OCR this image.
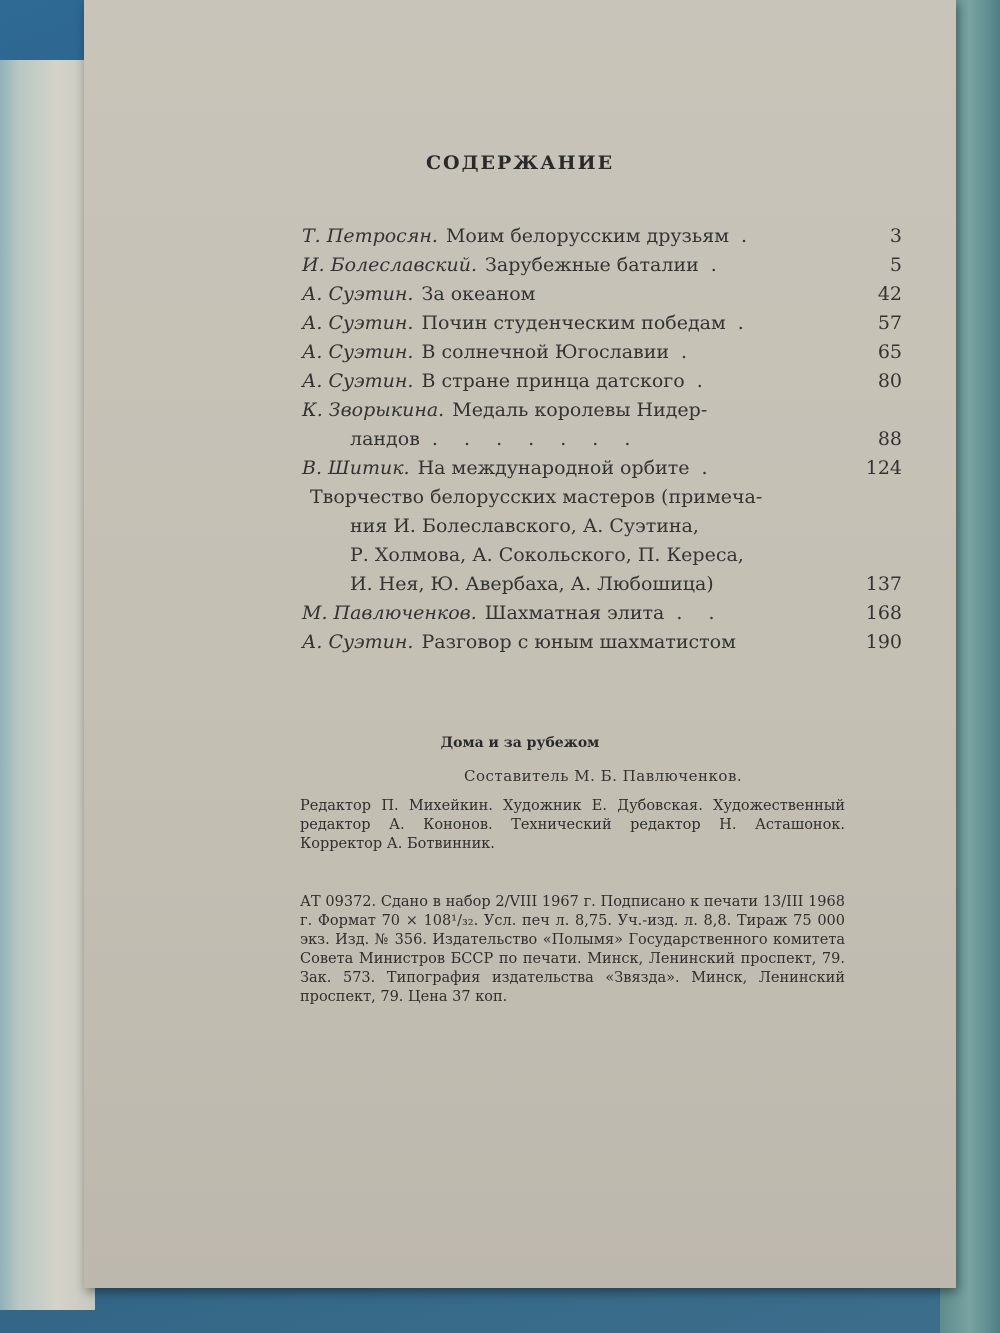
СОДЕРЖАНИЕ
Т. Петросян. Моим белорусским друзьям .	3
И. Болеславский. Зарубежные баталии .	5
А. Суэтин. За океаном	42
А. Суэтин. Почин студенческим победам .	57
А. Суэтин. В солнечной Югославии .	65
А. Суэтин. В стране принца датского .	80
К. Зворыкина. Медаль королевы Нидер-
ландов . . . . . . .	88
В. Шитик. На международной орбите .	124
Творчество белорусских мастеров (примеча-
ния И. Болеславского, А. Суэтина,
Р. Холмова, А. Сокольского, П. Кереса,
И. Нея, Ю. Авербаха, А. Любошица)	137
М. Павлюченков. Шахматная элита . .	168
А. Суэтин. Разговор с юным шахматистом	190
Дома и за рубежом
Составитель М. Б. Павлюченков.
Редактор П. Михейкин. Художник Е. Дубовская. Художественный редактор А. Кононов. Технический редактор Н. Асташонок. Корректор А. Ботвинник.
АТ 09372. Сдано в набор 2/VIII 1967 г. Подписано к печати 13/III 1968 г. Формат 70 × 108¹/₃₂. Усл. печ л. 8,75. Уч.-изд. л. 8,8. Тираж 75 000 экз. Изд. № 356. Издательство «Полымя» Государственного комитета Совета Министров БССР по печати. Минск, Ленинский проспект, 79. Зак. 573. Типография издательства «Звязда». Минск, Ленинский проспект, 79. Цена 37 коп.
